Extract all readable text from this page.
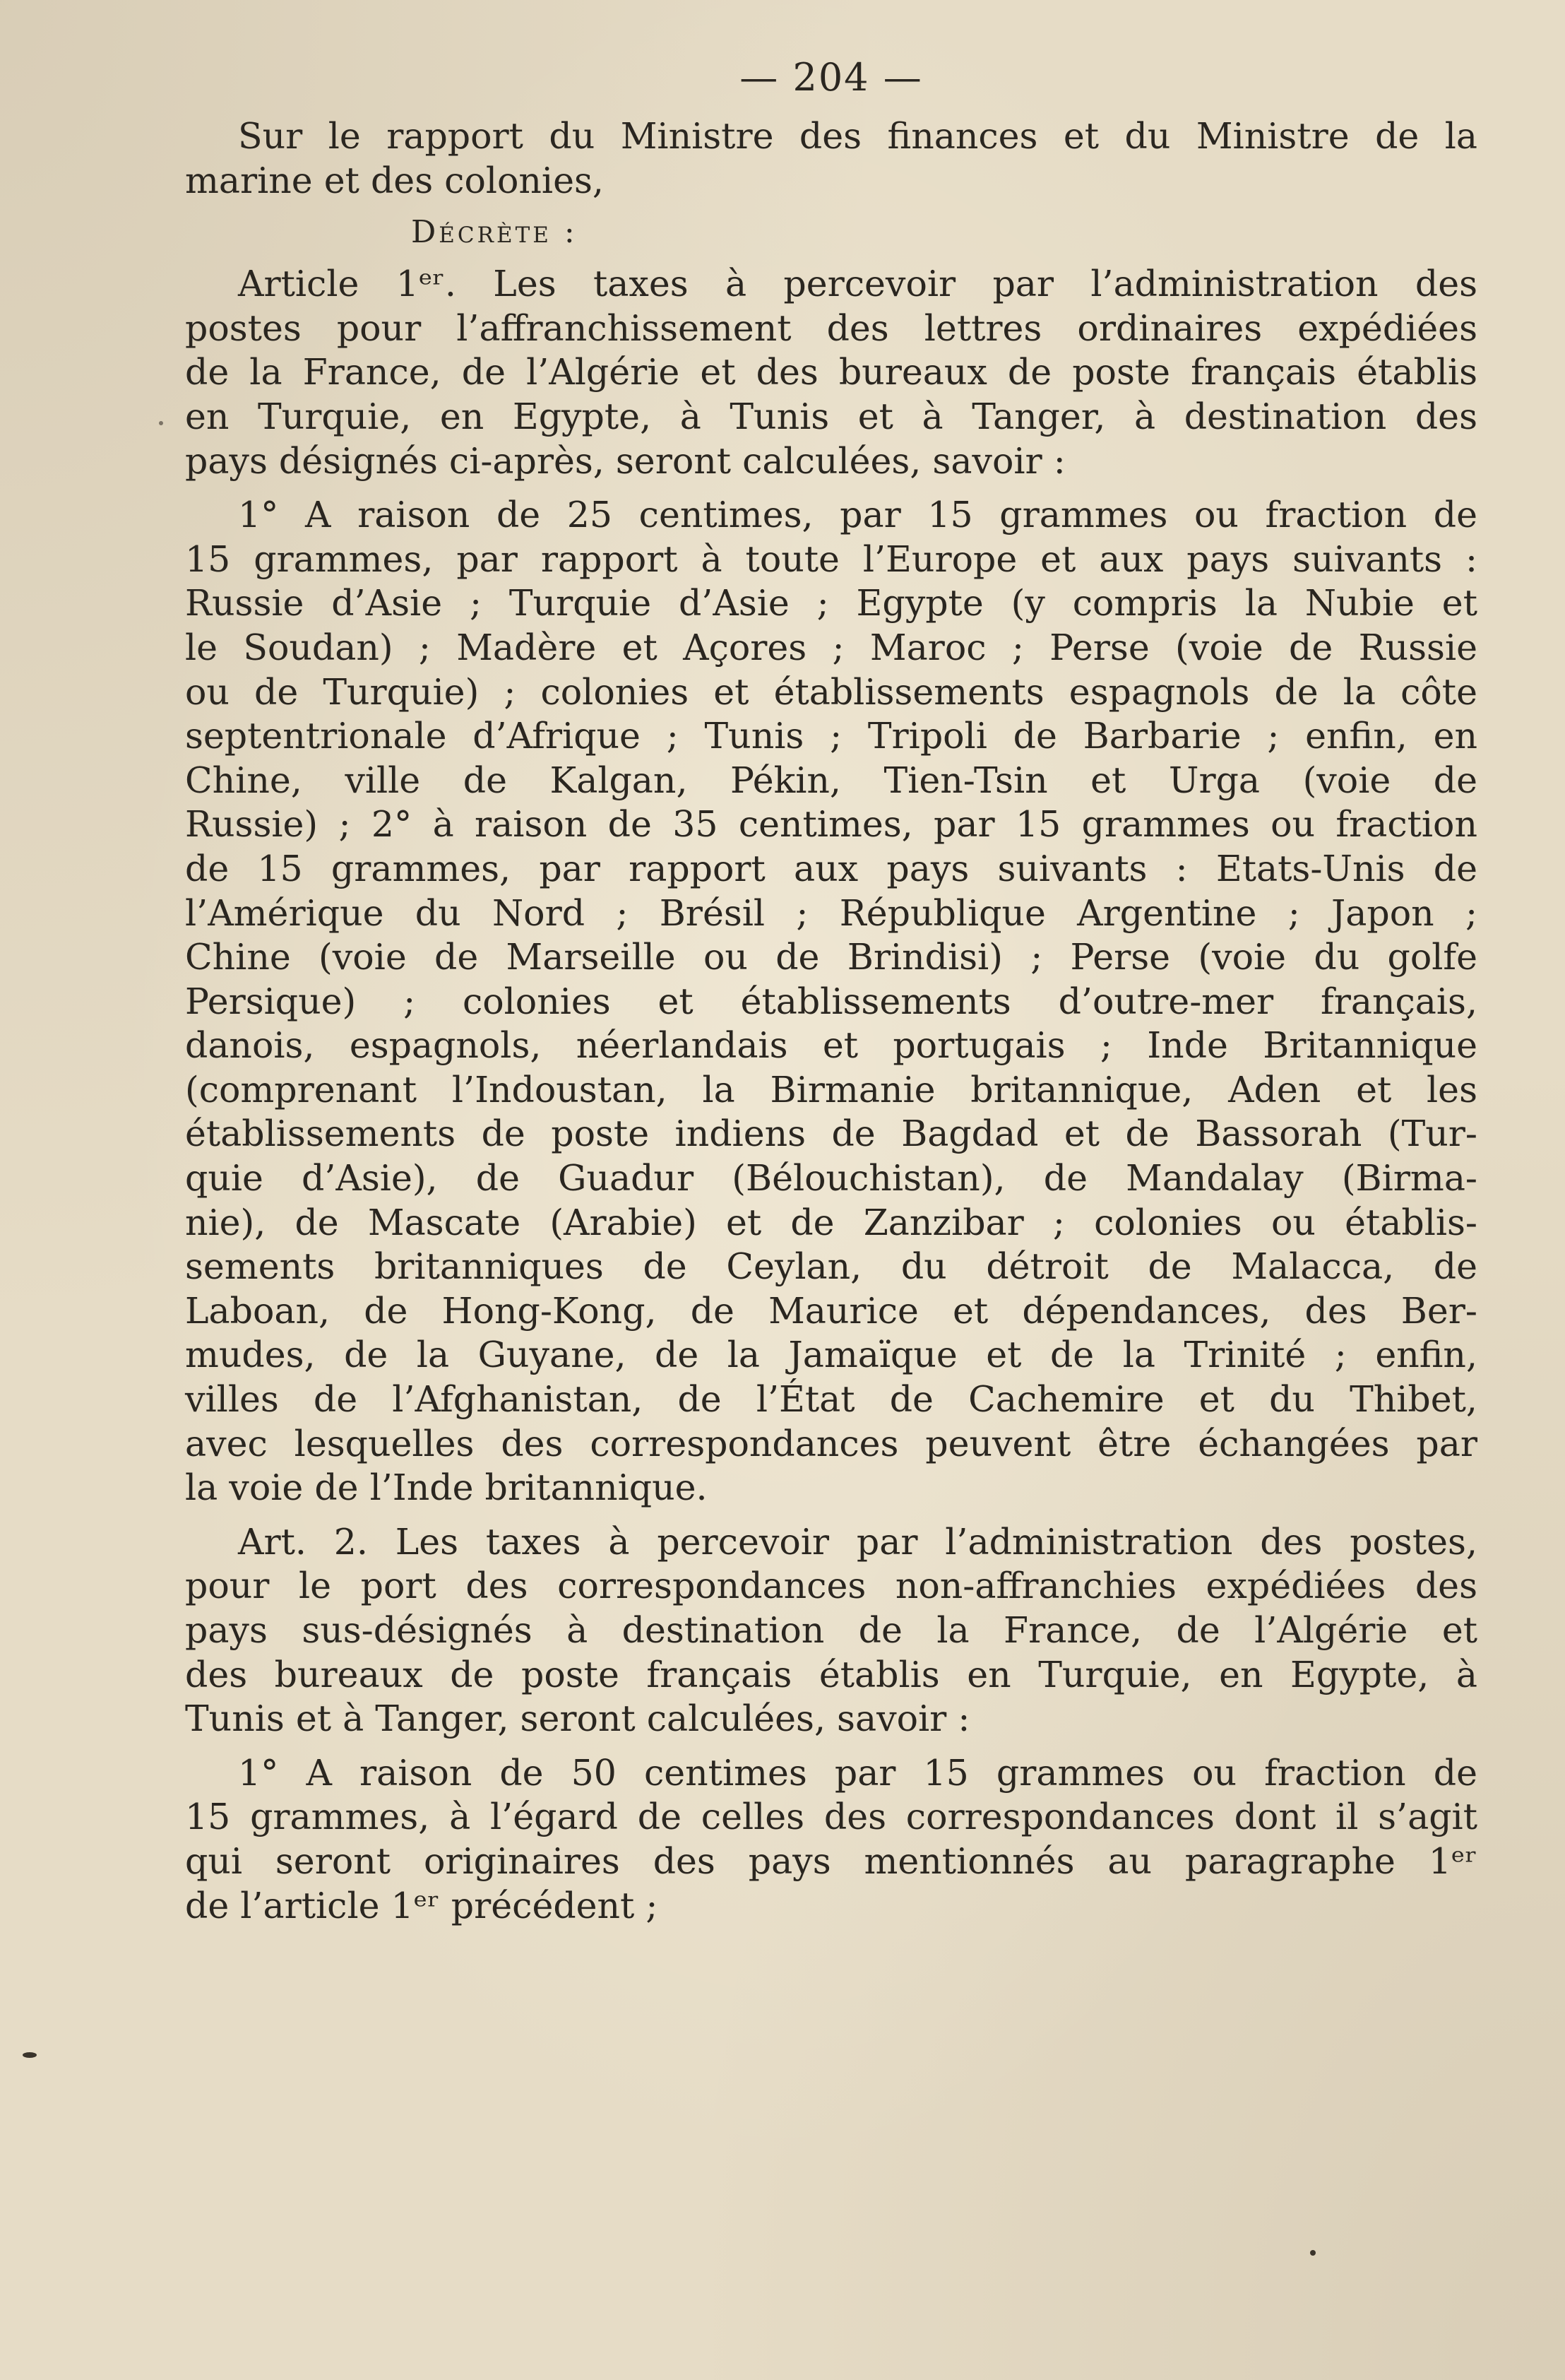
— 204 —
Sur le rapport du Ministre des finances et du Ministre de la
marine et des colonies,
Décrète :
Article 1ᵉʳ. Les taxes à percevoir par l’administration des
postes pour l’affranchissement des lettres ordinaires expédiées
de la France, de l’Algérie et des bureaux de poste français établis
en Turquie, en Egypte, à Tunis et à Tanger, à destination des
pays désignés ci-après, seront calculées, savoir :
1° A raison de 25 centimes, par 15 grammes ou fraction de
15 grammes, par rapport à toute l’Europe et aux pays suivants :
Russie d’Asie ; Turquie d’Asie ; Egypte (y compris la Nubie et
le Soudan) ; Madère et Açores ; Maroc ; Perse (voie de Russie
ou de Turquie) ; colonies et établissements espagnols de la côte
septentrionale d’Afrique ; Tunis ; Tripoli de Barbarie ; enfin, en
Chine, ville de Kalgan, Pékin, Tien-Tsin et Urga (voie de
Russie) ; 2° à raison de 35 centimes, par 15 grammes ou fraction
de 15 grammes, par rapport aux pays suivants : Etats-Unis de
l’Amérique du Nord ; Brésil ; République Argentine ; Japon ;
Chine (voie de Marseille ou de Brindisi) ; Perse (voie du golfe
Persique) ; colonies et établissements d’outre-mer français,
danois, espagnols, néerlandais et portugais ; Inde Britannique
(comprenant l’Indoustan, la Birmanie britannique, Aden et les
établissements de poste indiens de Bagdad et de Bassorah (Tur-
quie d’Asie), de Guadur (Bélouchistan), de Mandalay (Birma-
nie), de Mascate (Arabie) et de Zanzibar ; colonies ou établis-
sements britanniques de Ceylan, du détroit de Malacca, de
Laboan, de Hong-Kong, de Maurice et dépendances, des Ber-
mudes, de la Guyane, de la Jamaïque et de la Trinité ; enfin,
villes de l’Afghanistan, de l’État de Cachemire et du Thibet,
avec lesquelles des correspondances peuvent être échangées par
la voie de l’Inde britannique.
Art. 2. Les taxes à percevoir par l’administration des postes,
pour le port des correspondances non-affranchies expédiées des
pays sus-désignés à destination de la France, de l’Algérie et
des bureaux de poste français établis en Turquie, en Egypte, à
Tunis et à Tanger, seront calculées, savoir :
1° A raison de 50 centimes par 15 grammes ou fraction de
15 grammes, à l’égard de celles des correspondances dont il s’agit
qui seront originaires des pays mentionnés au paragraphe 1ᵉʳ
de l’article 1ᵉʳ précédent ;
